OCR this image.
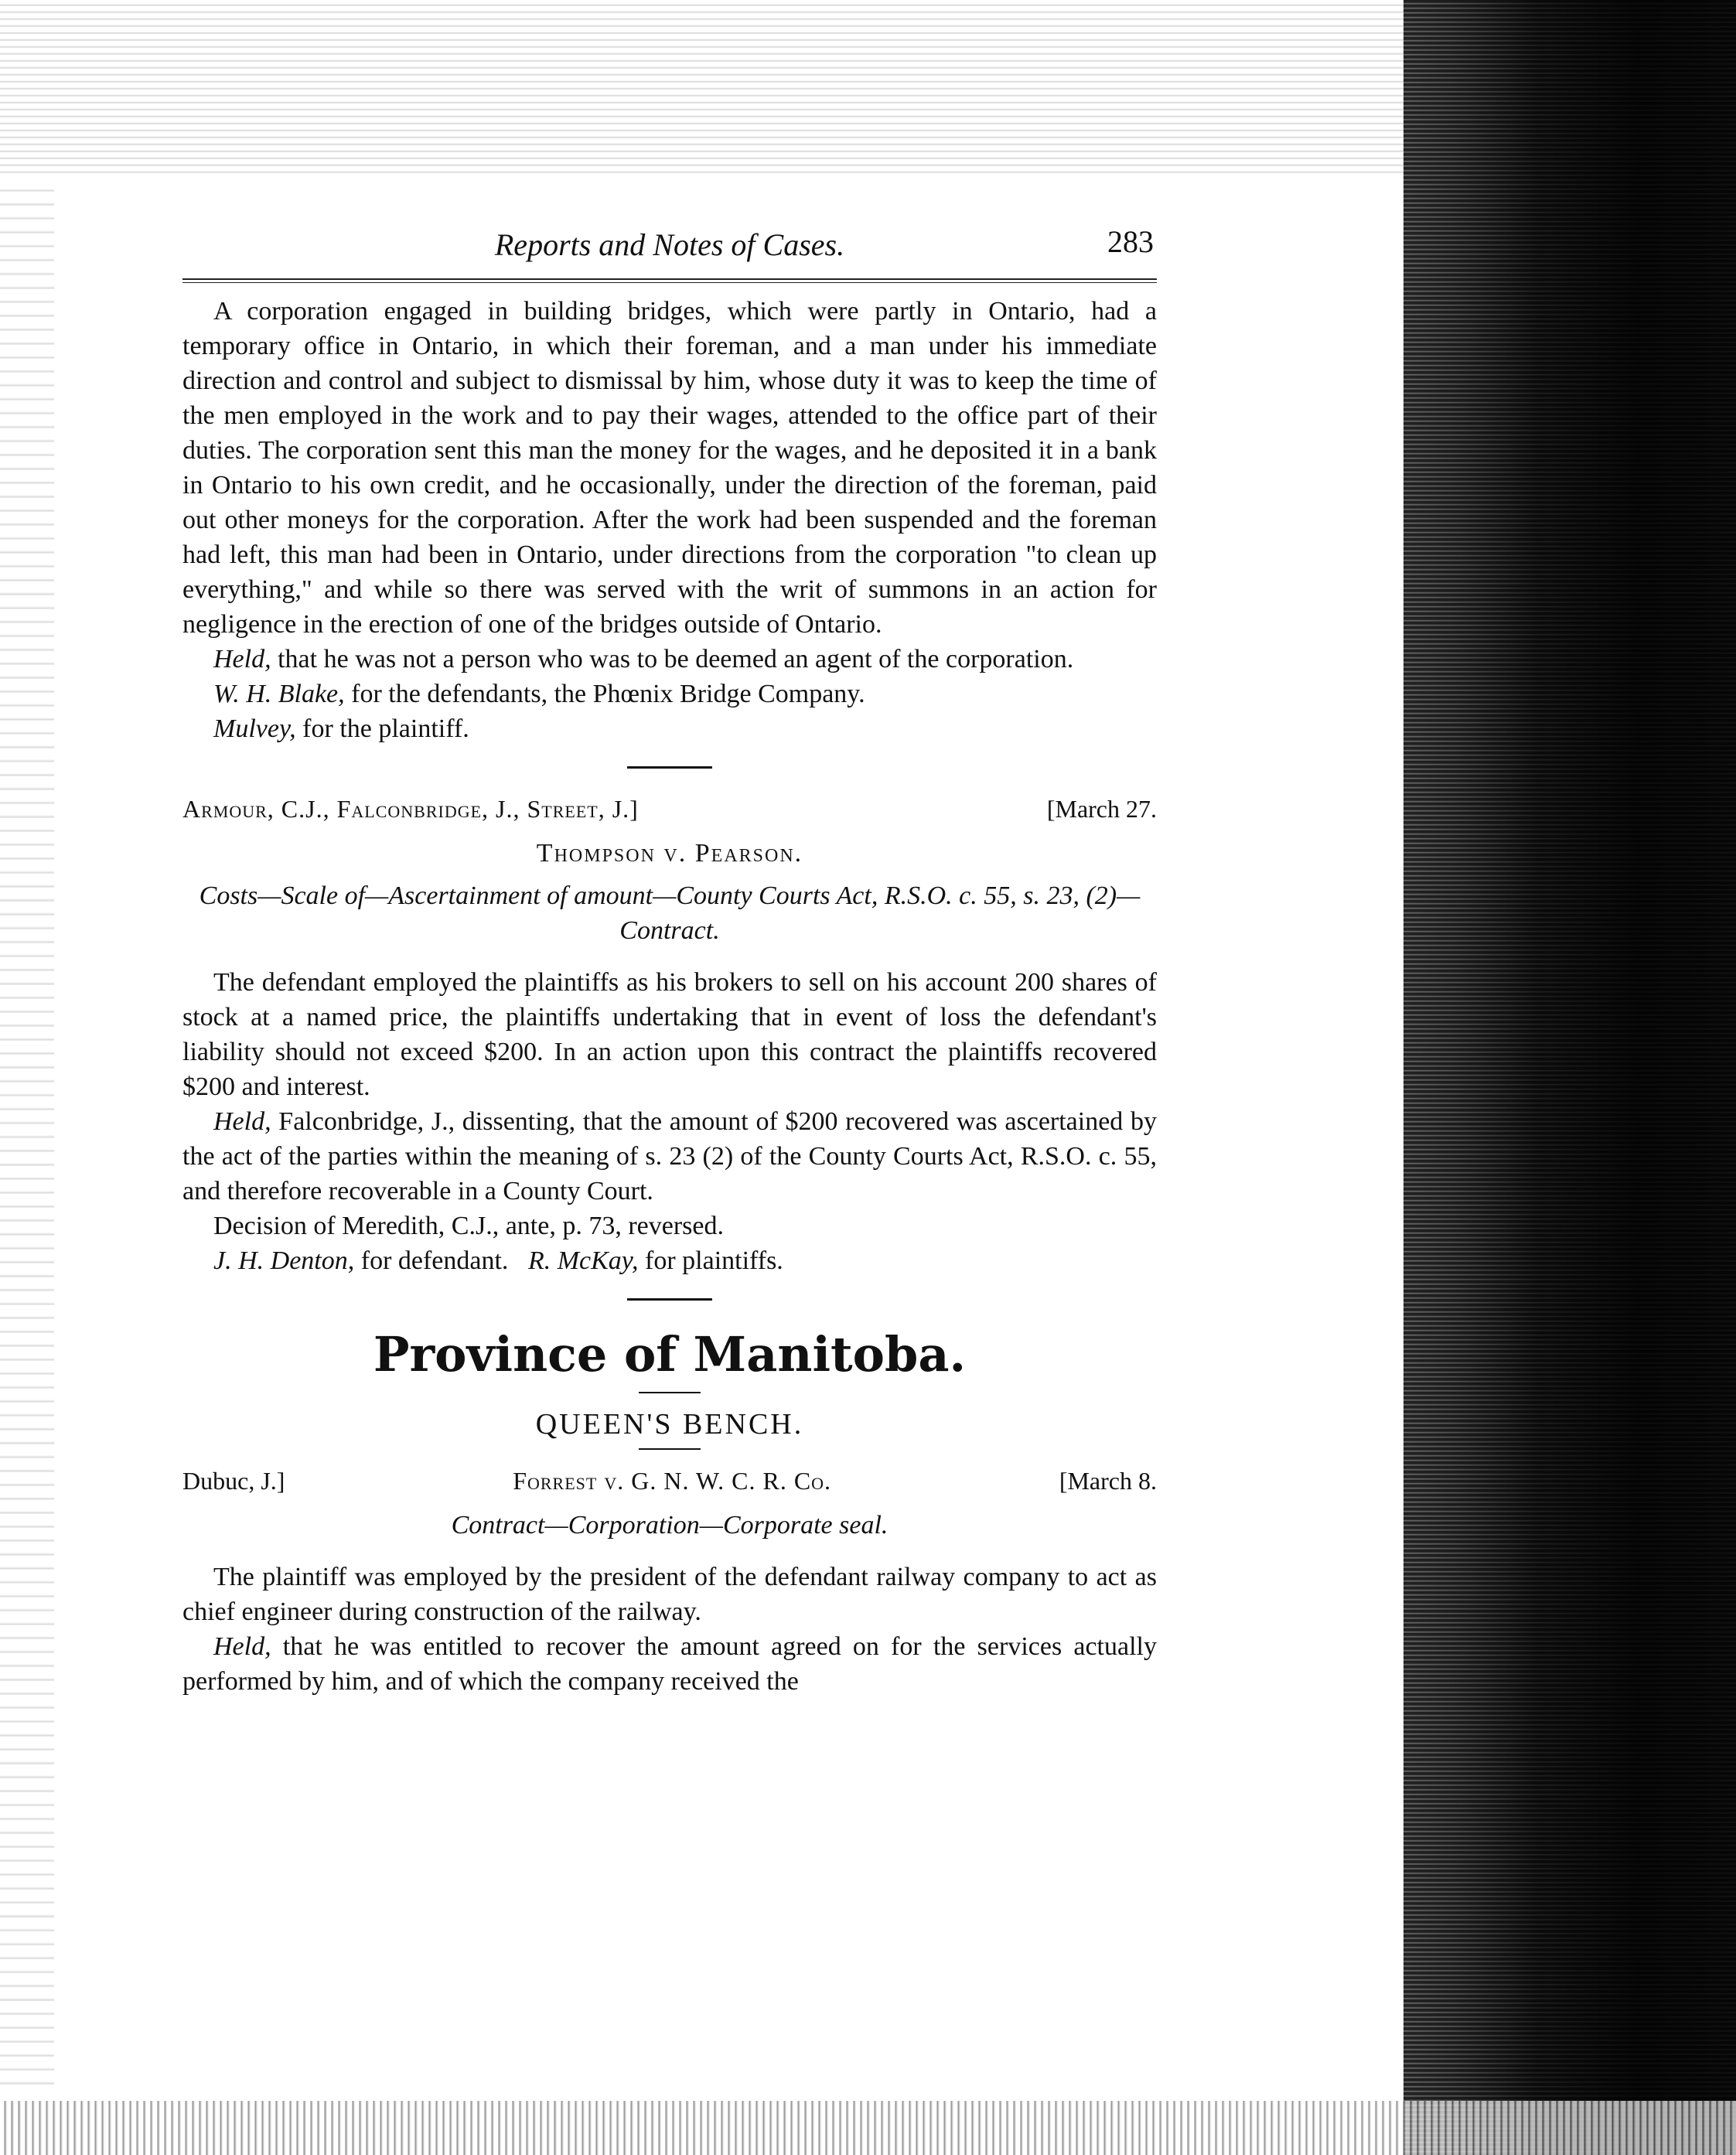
Reports and Notes of Cases.	283

A corporation engaged in building bridges, which were partly in Ontario, had a temporary office in Ontario, in which their foreman, and a man under his immediate direction and control and subject to dismissal by him, whose duty it was to keep the time of the men employed in the work and to pay their wages, attended to the office part of their duties. The corporation sent this man the money for the wages, and he deposited it in a bank in Ontario to his own credit, and he occasionally, under the direction of the foreman, paid out other moneys for the corporation. After the work had been suspended and the foreman had left, this man had been in Ontario, under directions from the corporation "to clean up everything," and while so there was served with the writ of summons in an action for negligence in the erection of one of the bridges outside of Ontario.

Held, that he was not a person who was to be deemed an agent of the corporation.

W. H. Blake, for the defendants, the Phœnix Bridge Company.

Mulvey, for the plaintiff.

Armour, C.J., Falconbridge, J., Street, J.]	[March 27.
Thompson v. Pearson.
Costs—Scale of—Ascertainment of amount—County Courts Act, R.S.O. c. 55, s. 23, (2)—Contract.

The defendant employed the plaintiffs as his brokers to sell on his account 200 shares of stock at a named price, the plaintiffs undertaking that in event of loss the defendant's liability should not exceed $200. In an action upon this contract the plaintiffs recovered $200 and interest.

Held, Falconbridge, J., dissenting, that the amount of $200 recovered was ascertained by the act of the parties within the meaning of s. 23 (2) of the County Courts Act, R.S.O. c. 55, and therefore recoverable in a County Court.

Decision of Meredith, C.J., ante, p. 73, reversed.

J. H. Denton, for defendant. R. McKay, for plaintiffs.

Province of Manitoba.
QUEEN'S BENCH.
Dubuc, J.]	Forrest v. G. N. W. C. R. Co.	[March 8.
Contract—Corporation—Corporate seal.

The plaintiff was employed by the president of the defendant railway company to act as chief engineer during construction of the railway.

Held, that he was entitled to recover the amount agreed on for the services actually performed by him, and of which the company received the
